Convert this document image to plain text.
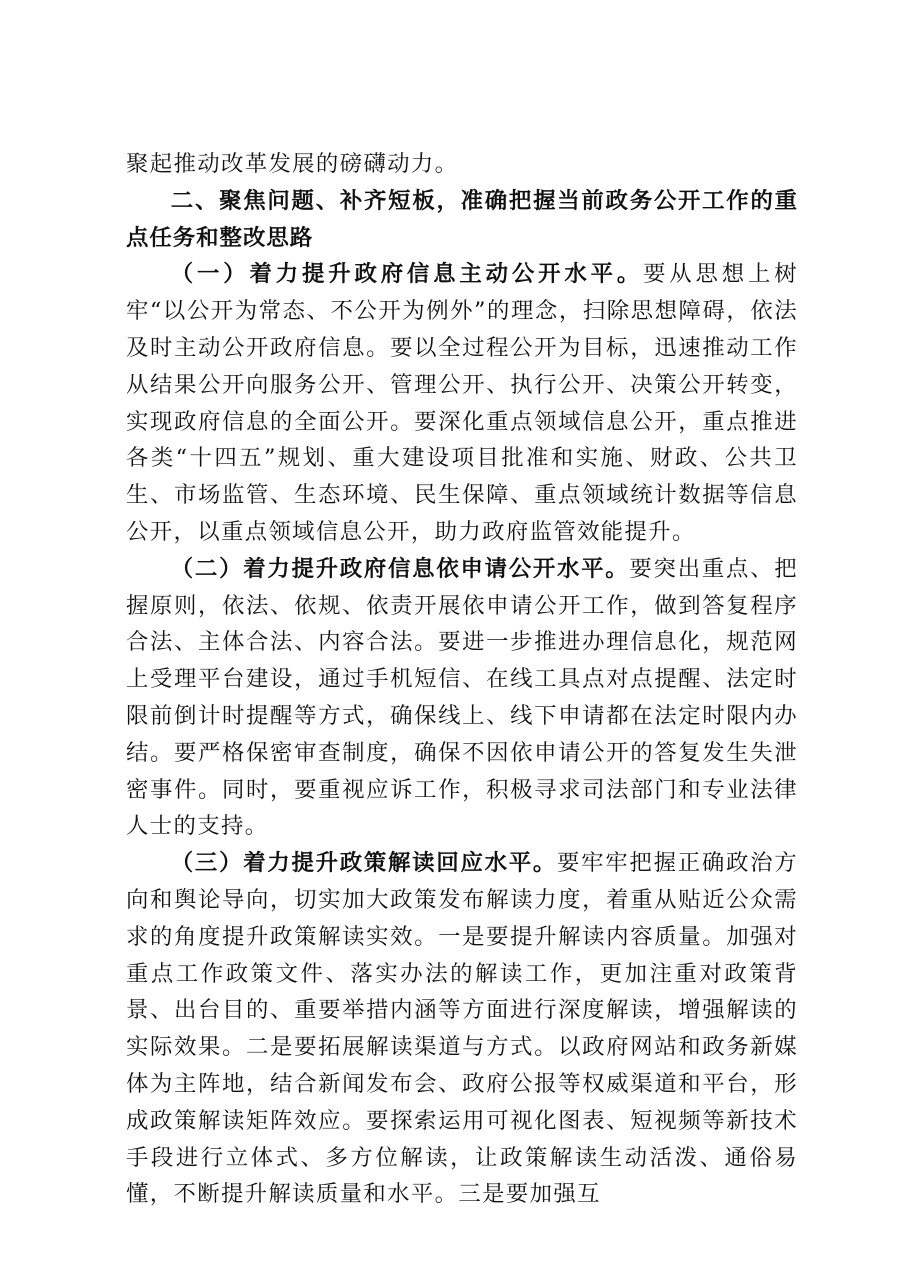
聚起推动改革发展的磅礴动力。

二、聚焦问题、补齐短板，准确把握当前政务公开工作的重点任务和整改思路

（一）着力提升政府信息主动公开水平。要从思想上树牢“以公开为常态、不公开为例外”的理念，扫除思想障碍，依法及时主动公开政府信息。要以全过程公开为目标，迅速推动工作从结果公开向服务公开、管理公开、执行公开、决策公开转变，实现政府信息的全面公开。要深化重点领域信息公开，重点推进各类“十四五”规划、重大建设项目批准和实施、财政、公共卫生、市场监管、生态环境、民生保障、重点领域统计数据等信息公开，以重点领域信息公开，助力政府监管效能提升。

（二）着力提升政府信息依申请公开水平。要突出重点、把握原则，依法、依规、依责开展依申请公开工作，做到答复程序合法、主体合法、内容合法。要进一步推进办理信息化，规范网上受理平台建设，通过手机短信、在线工具点对点提醒、法定时限前倒计时提醒等方式，确保线上、线下申请都在法定时限内办结。要严格保密审查制度，确保不因依申请公开的答复发生失泄密事件。同时，要重视应诉工作，积极寻求司法部门和专业法律人士的支持。

（三）着力提升政策解读回应水平。要牢牢把握正确政治方向和舆论导向，切实加大政策发布解读力度，着重从贴近公众需求的角度提升政策解读实效。一是要提升解读内容质量。加强对重点工作政策文件、落实办法的解读工作，更加注重对政策背景、出台目的、重要举措内涵等方面进行深度解读，增强解读的实际效果。二是要拓展解读渠道与方式。以政府网站和政务新媒体为主阵地，结合新闻发布会、政府公报等权威渠道和平台，形成政策解读矩阵效应。要探索运用可视化图表、短视频等新技术手段进行立体式、多方位解读，让政策解读生动活泼、通俗易懂，不断提升解读质量和水平。三是要加强互
